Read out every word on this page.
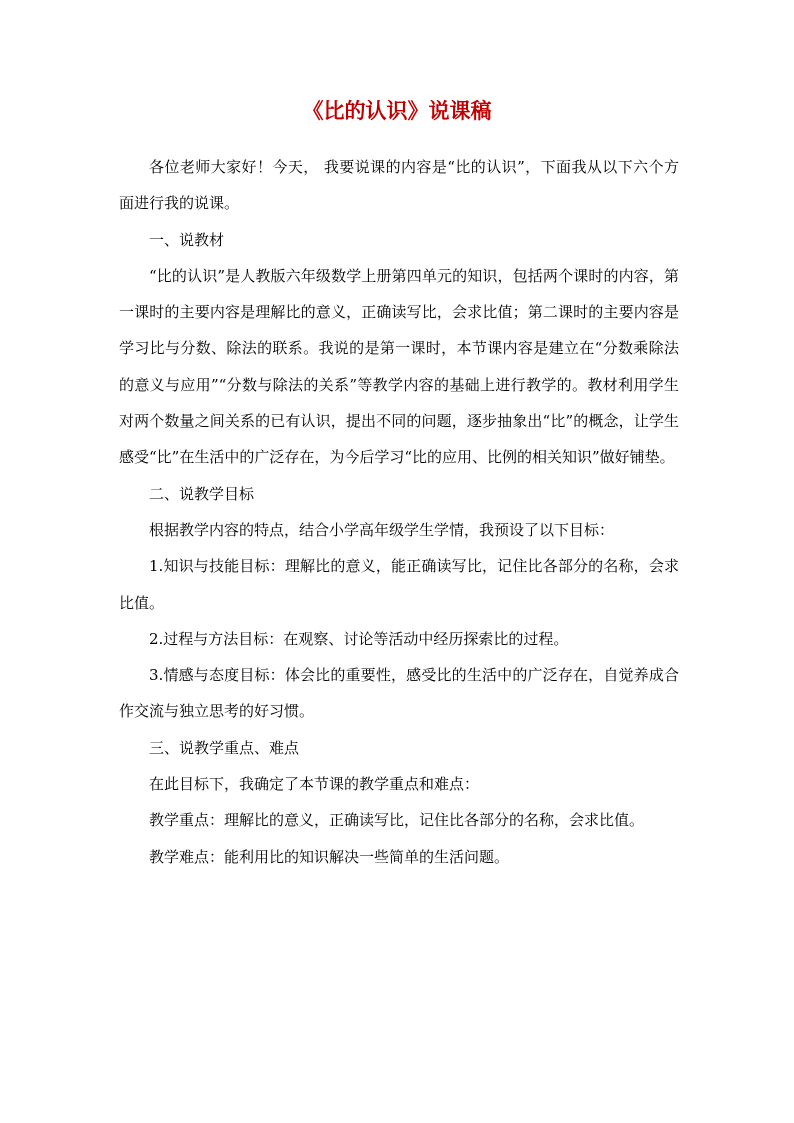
《比的认识》说课稿

各位老师大家好！今天， 我要说课的内容是“比的认识”，下面我从以下六个方面进行我的说课。

一、说教材

“比的认识”是人教版六年级数学上册第四单元的知识，包括两个课时的内容，第一课时的主要内容是理解比的意义，正确读写比，会求比值；第二课时的主要内容是学习比与分数、除法的联系。我说的是第一课时，本节课内容是建立在“分数乘除法的意义与应用”“分数与除法的关系”等教学内容的基础上进行教学的。教材利用学生对两个数量之间关系的已有认识，提出不同的问题，逐步抽象出“比”的概念，让学生感受“比”在生活中的广泛存在，为今后学习“比的应用、比例的相关知识”做好铺垫。

二、说教学目标

根据教学内容的特点，结合小学高年级学生学情，我预设了以下目标：

1.知识与技能目标：理解比的意义，能正确读写比，记住比各部分的名称，会求比值。

2.过程与方法目标：在观察、讨论等活动中经历探索比的过程。

3.情感与态度目标：体会比的重要性，感受比的生活中的广泛存在，自觉养成合作交流与独立思考的好习惯。

三、说教学重点、难点

在此目标下，我确定了本节课的教学重点和难点：

教学重点：理解比的意义，正确读写比，记住比各部分的名称，会求比值。

教学难点：能利用比的知识解决一些简单的生活问题。
